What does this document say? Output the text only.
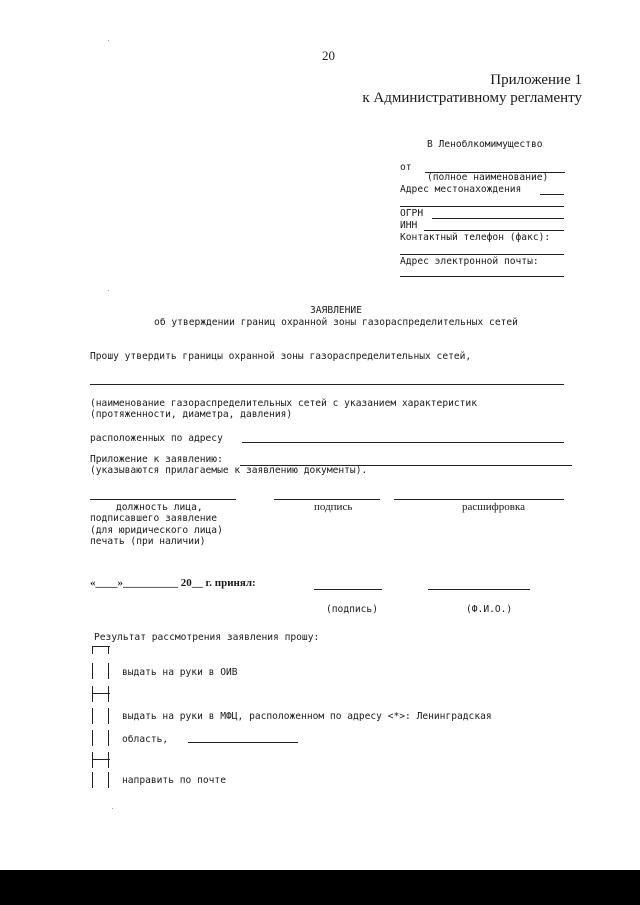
20
Приложение 1
к Административному регламенту
В Леноблкомимущество
от
(полное наименование)
Адрес местонахождения
ОГРН
ИНН
Контактный телефон (факс):
Адрес электронной почты:
ЗАЯВЛЕНИЕ
об утверждении границ охранной зоны газораспределительных сетей
Прошу утвердить границы охранной зоны газораспределительных сетей,
(наименование газораспределительных сетей с указанием характеристик
(протяженности, диаметра, давления)
расположенных по адресу
Приложение к заявлению:
(указываются прилагаемые к заявлению документы).
должность лица,
подписавшего заявление
(для юридического лица)
печать (при наличии)
подпись	расшифровка
«____»__________ 20__ г. принял:
(подпись)	(Ф.И.О.)
Результат рассмотрения заявления прошу:
выдать на руки в ОИВ
выдать на руки в МФЦ, расположенном по адресу <*>: Ленинградская
область,
направить по почте
